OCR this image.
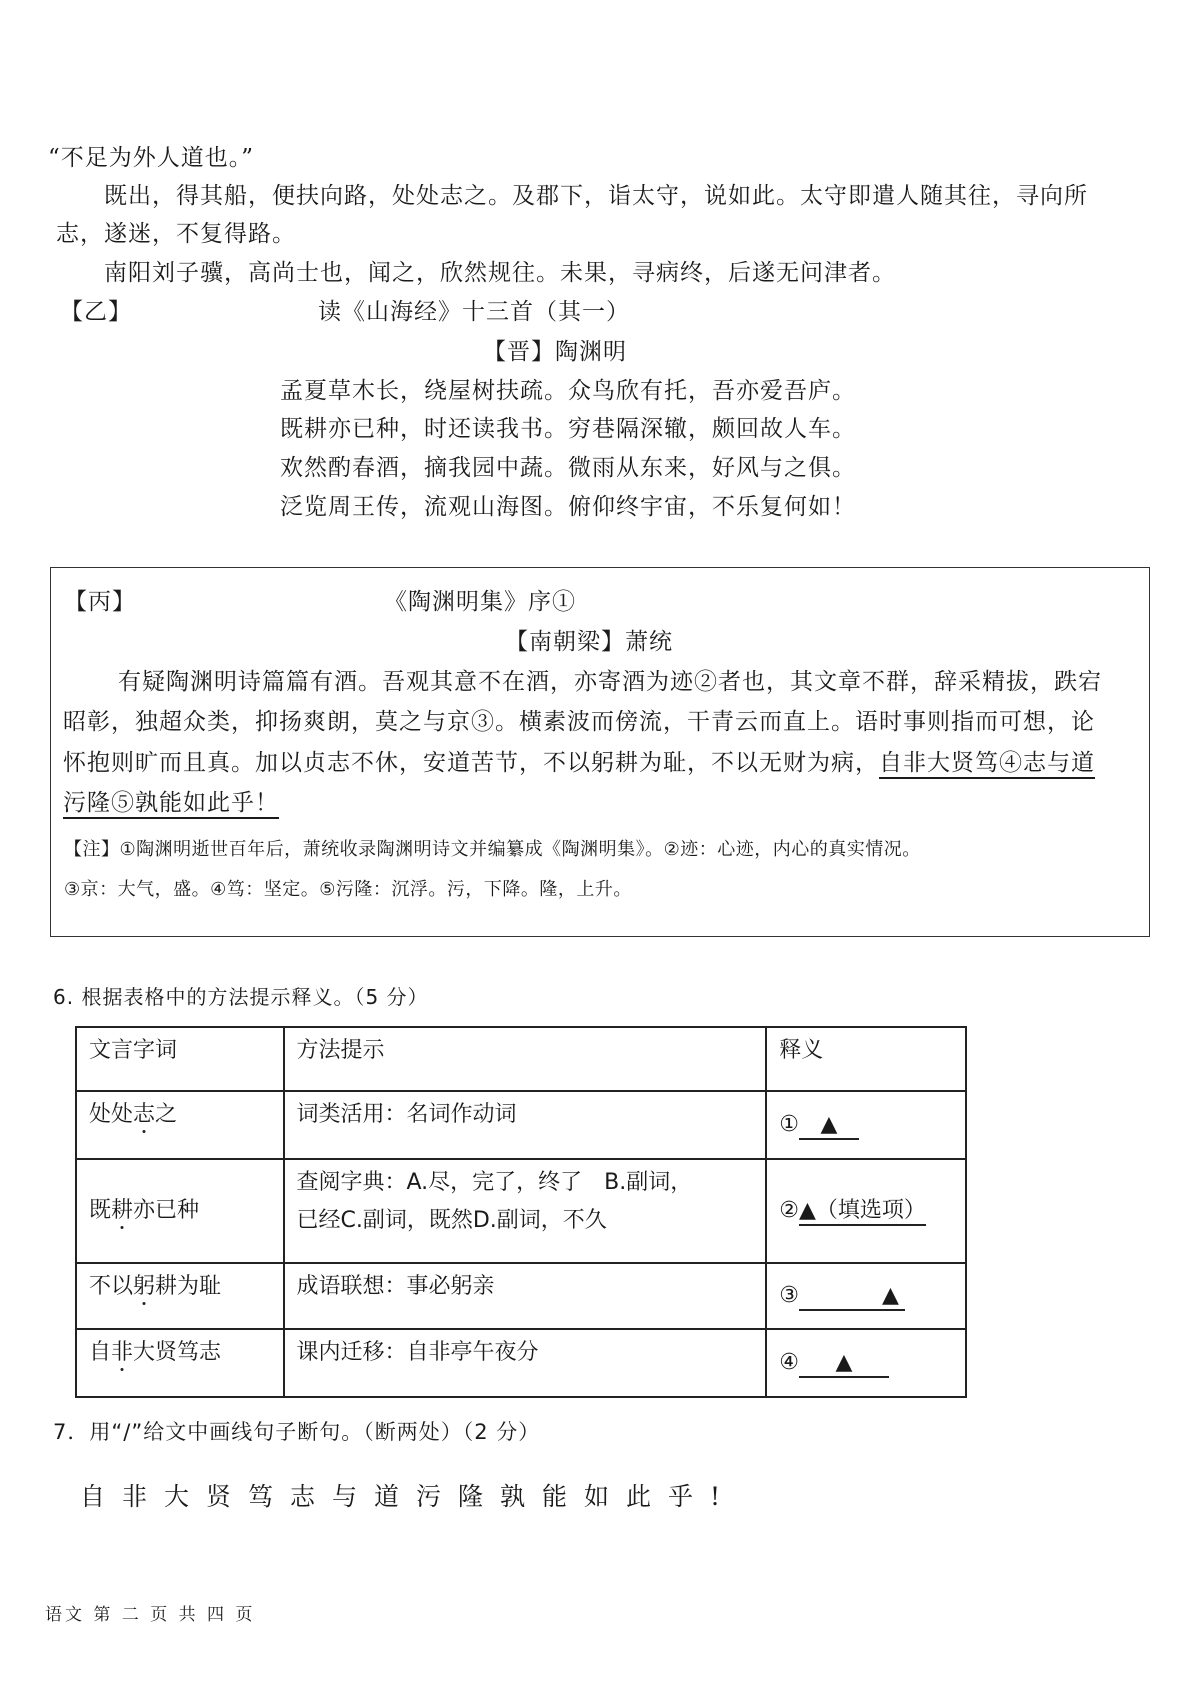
“不足为外人道也。”
既出，得其船，便扶向路，处处志之。及郡下，诣太守，说如此。太守即遣人随其往，寻向所
志，遂迷，不复得路。
南阳刘子骥，高尚士也，闻之，欣然规往。未果，寻病终，后遂无问津者。
【乙】	读《山海经》十三首（其一）
【晋】陶渊明
孟夏草木长，绕屋树扶疏。众鸟欣有托，吾亦爱吾庐。
既耕亦已种，时还读我书。穷巷隔深辙，颇回故人车。
欢然酌春酒，摘我园中蔬。微雨从东来，好风与之俱。
泛览周王传，流观山海图。俯仰终宇宙，不乐复何如！
【丙】	《陶渊明集》序①
【南朝梁】萧统
有疑陶渊明诗篇篇有酒。吾观其意不在酒，亦寄酒为迹②者也，其文章不群，辞采精拔，跌宕
昭彰，独超众类，抑扬爽朗，莫之与京③。横素波而傍流，干青云而直上。语时事则指而可想，论
怀抱则旷而且真。加以贞志不休，安道苦节，不以躬耕为耻，不以无财为病，自非大贤笃④志与道
污隆⑤孰能如此乎！
【注】①陶渊明逝世百年后，萧统收录陶渊明诗文并编纂成《陶渊明集》。②迹：心迹，内心的真实情况。
③京：大气，盛。④笃：坚定。⑤污隆：沉浮。污，下降。隆，上升。
6. 根据表格中的方法提示释义。（5 分）
文言字词	方法提示	释义
处处志之	词类活用：名词作动词	① ▲
既耕亦已种	查阅字典：A.尽，完了，终了　B.副词，
已经C.副词，既然D.副词，不久	②▲（填选项）
不以躬耕为耻	成语联想：事必躬亲	③ ▲
自非大贤笃志	课内迁移：自非亭午夜分	④ ▲
7．用“/”给文中画线句子断句。（断两处）（2 分）
自非大贤笃志与道污隆孰能如此乎!
语文 第 二 页 共 四 页
